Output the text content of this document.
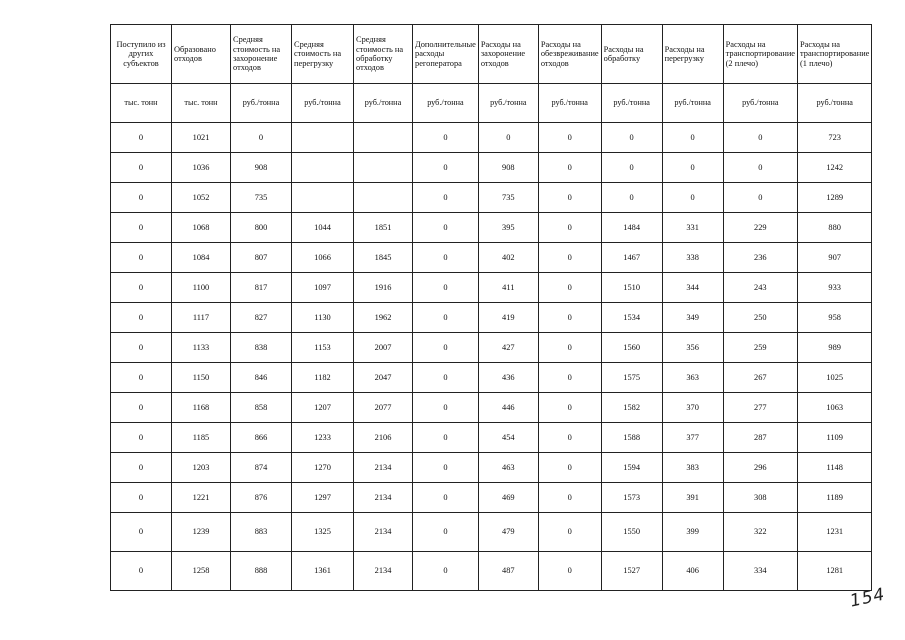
Поступило из других субъектов	Образовано отходов	Средняя стоимость на захоронение отходов	Средняя стоимость на перегрузку	Средняя стоимость на обработку отходов	Дополнительные расходы регоператора	Расходы на захоронение отходов	Расходы на обезвреживание отходов	Расходы на обработку	Расходы на перегрузку	Расходы на транспортирование (2 плечо)	Расходы на транспортирование (1 плечо)
тыс. тонн	тыс. тонн	руб./тонна	руб./тонна	руб./тонна	руб./тонна	руб./тонна	руб./тонна	руб./тонна	руб./тонна	руб./тонна	руб./тонна
0	1021	0			0	0	0	0	0	0	723
0	1036	908			0	908	0	0	0	0	1242
0	1052	735			0	735	0	0	0	0	1289
0	1068	800	1044	1851	0	395	0	1484	331	229	880
0	1084	807	1066	1845	0	402	0	1467	338	236	907
0	1100	817	1097	1916	0	411	0	1510	344	243	933
0	1117	827	1130	1962	0	419	0	1534	349	250	958
0	1133	838	1153	2007	0	427	0	1560	356	259	989
0	1150	846	1182	2047	0	436	0	1575	363	267	1025
0	1168	858	1207	2077	0	446	0	1582	370	277	1063
0	1185	866	1233	2106	0	454	0	1588	377	287	1109
0	1203	874	1270	2134	0	463	0	1594	383	296	1148
0	1221	876	1297	2134	0	469	0	1573	391	308	1189
0	1239	883	1325	2134	0	479	0	1550	399	322	1231
0	1258	888	1361	2134	0	487	0	1527	406	334	1281
154
